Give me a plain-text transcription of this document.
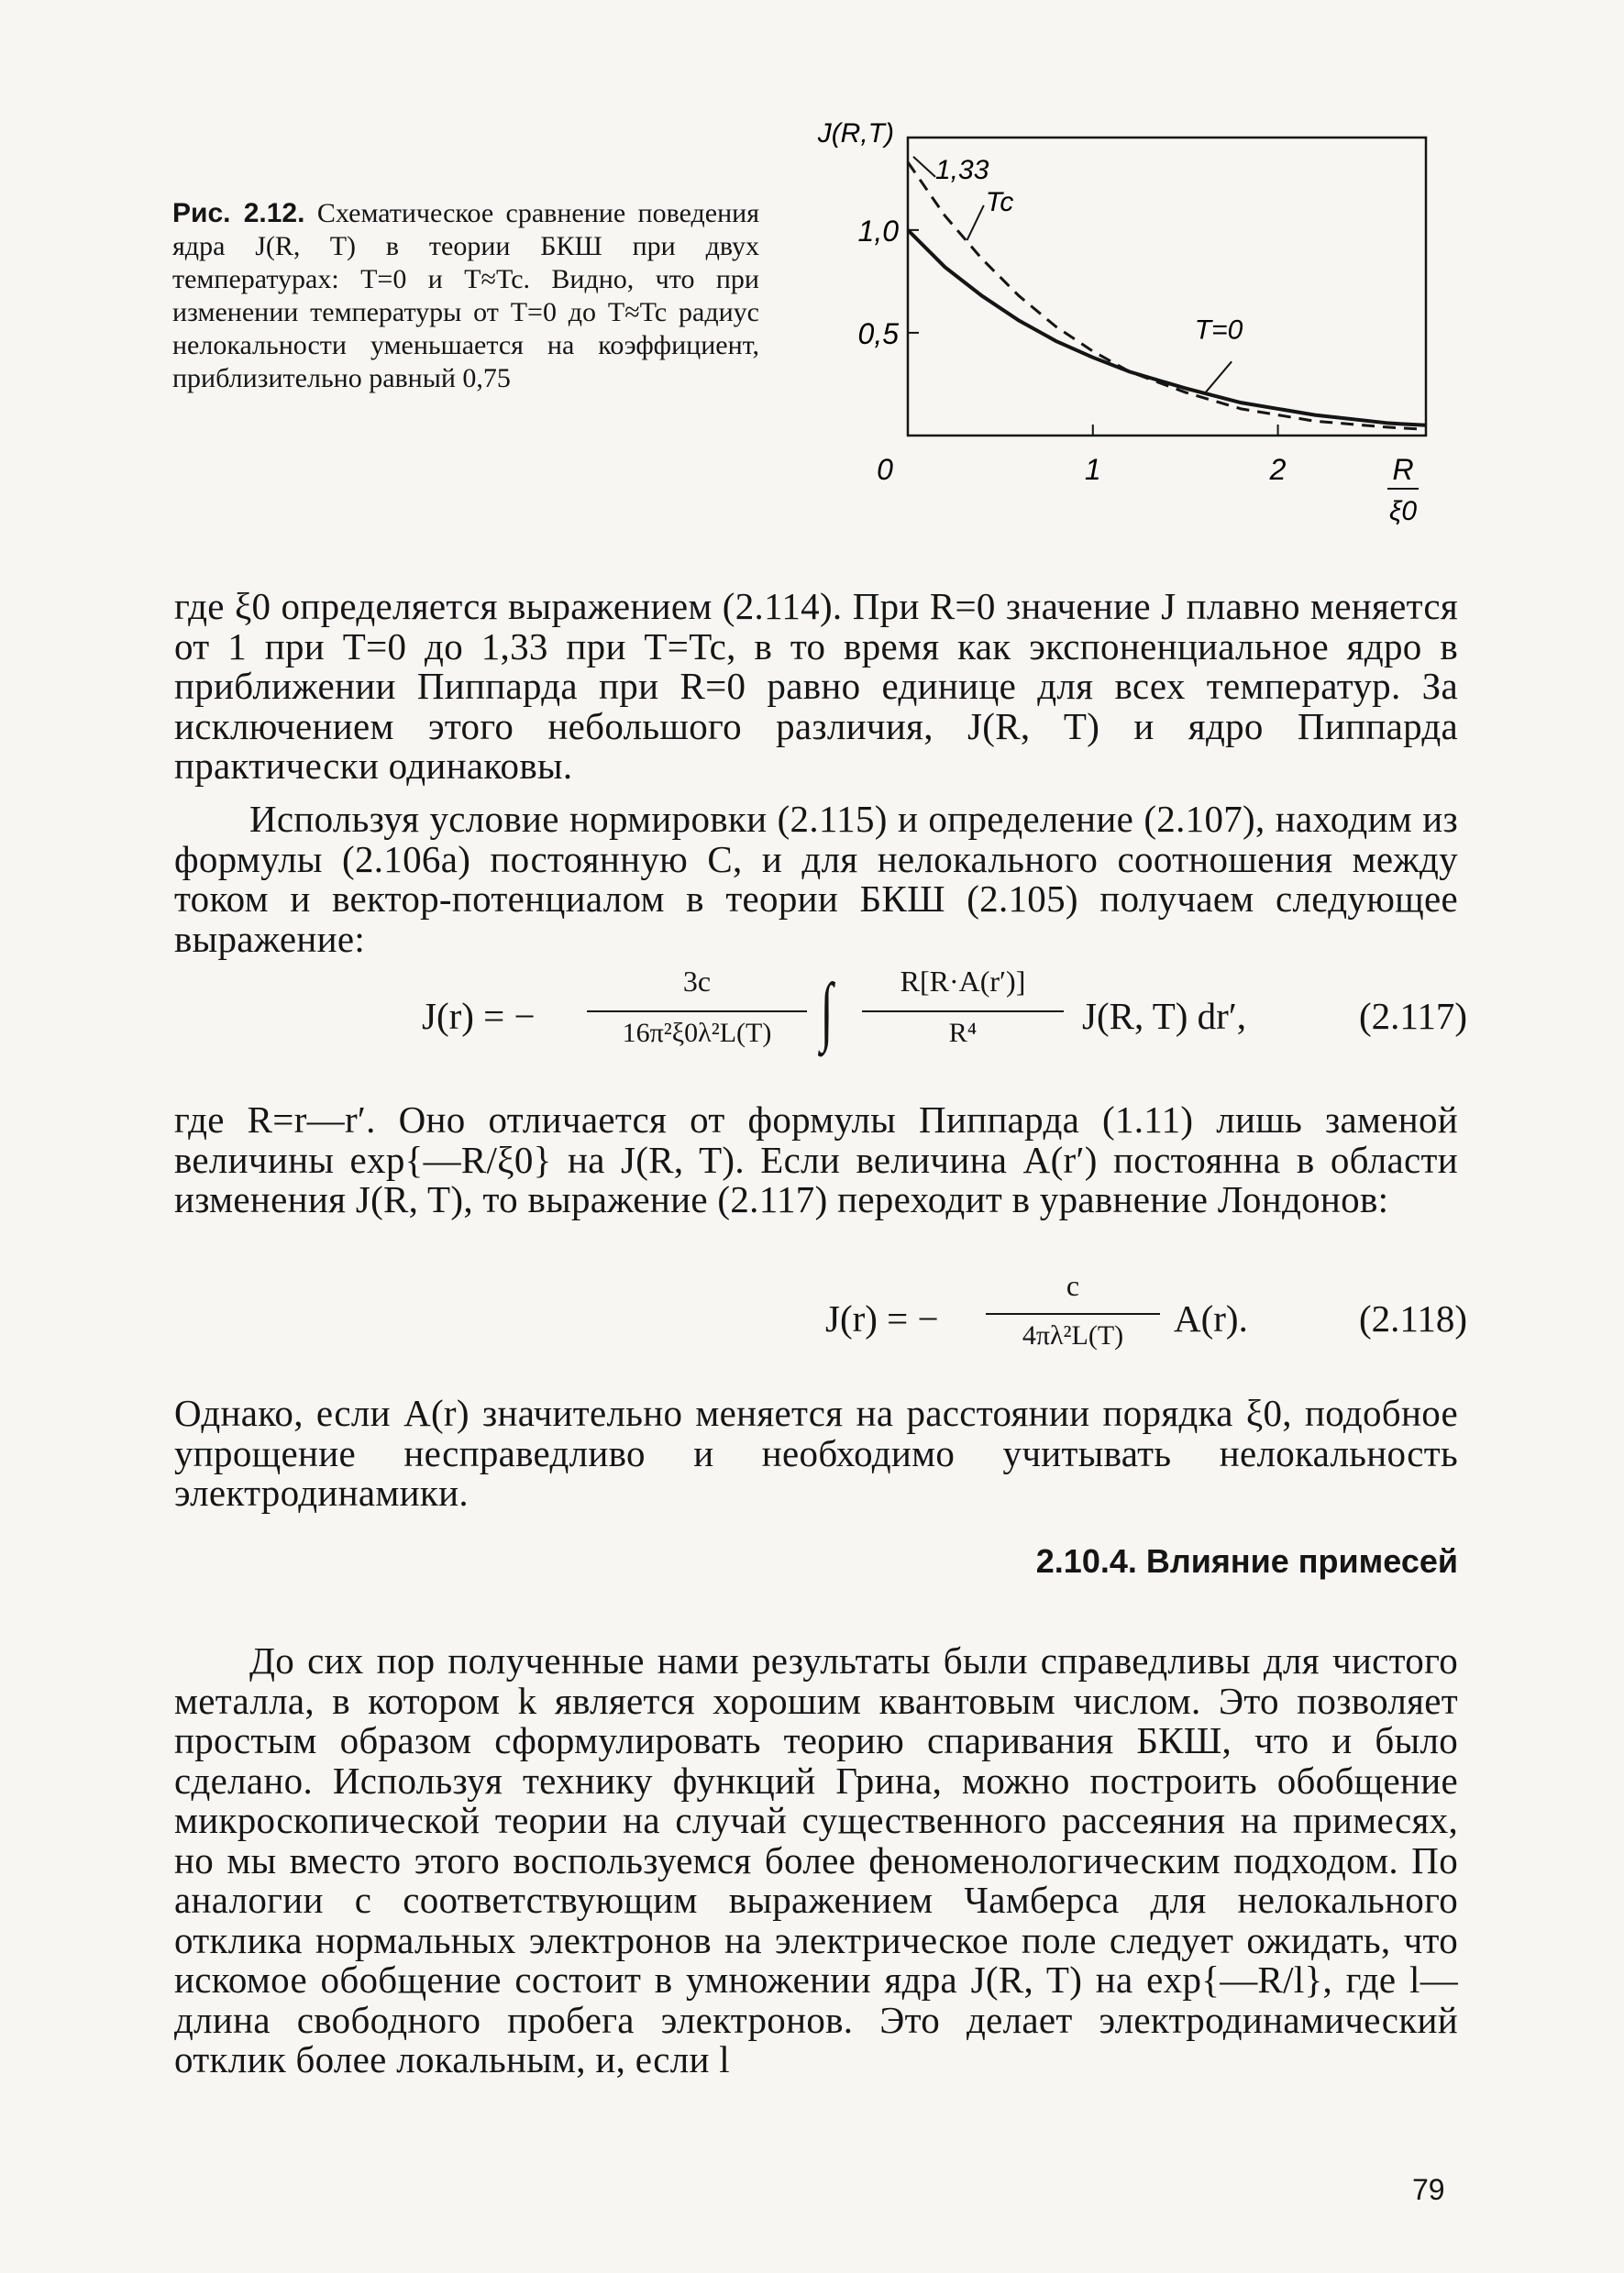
Рис. 2.12. Схематическое сравнение поведения ядра J(R, T) в теории БКШ при двух температурах: T=0 и T≈Tc. Видно, что при изменении температуры от T=0 до T≈Tc радиус нелокальности уменьшается на коэффициент, приблизительно равный 0,75
0,5
1,0
0	1	2
J(R,T)
R
ξ0
1,33
Tc
T=0

где ξ0 определяется выражением (2.114). При R=0 значение J плавно меняется от 1 при T=0 до 1,33 при T=Tc, в то время как экспоненциальное ядро в приближении Пиппарда при R=0 равно единице для всех температур. За исключением этого небольшого различия, J(R, T) и ядро Пиппарда практически одинаковы.

Используя условие нормировки (2.115) и определение (2.107), находим из формулы (2.106а) постоянную C, и для нелокального соотношения между током и вектор-потенциалом в теории БКШ (2.105) получаем следующее выражение:

J(r) = −
3c
16π²ξ0λ²L(T) ∫	R[R·A(r′)]
R⁴	J(R, T) dr′,	(2.117)

где R=r—r′. Оно отличается от формулы Пиппарда (1.11) лишь заменой величины exp{—R/ξ0} на J(R, T). Если величина A(r′) постоянна в области изменения J(R, T), то выражение (2.117) переходит в уравнение Лондонов:

J(r) = −
c
4πλ²L(T)	A(r).	(2.118)

Однако, если A(r) значительно меняется на расстоянии порядка ξ0, подобное упрощение несправедливо и необходимо учитывать нелокальность электродинамики.

2.10.4. Влияние примесей

До сих пор полученные нами результаты были справедливы для чистого металла, в котором k является хорошим квантовым числом. Это позволяет простым образом сформулировать теорию спаривания БКШ, что и было сделано. Используя технику функций Грина, можно построить обобщение микроскопической теории на случай существенного рассеяния на примесях, но мы вместо этого воспользуемся более феноменологическим подходом. По аналогии с соответствующим выражением Чамберса для нелокального отклика нормальных электронов на электрическое поле следует ожидать, что искомое обобщение состоит в умножении ядра J(R, T) на exp{—R/l}, где l—длина свободного пробега электронов. Это делает электродинамический отклик более локальным, и, если l

79
